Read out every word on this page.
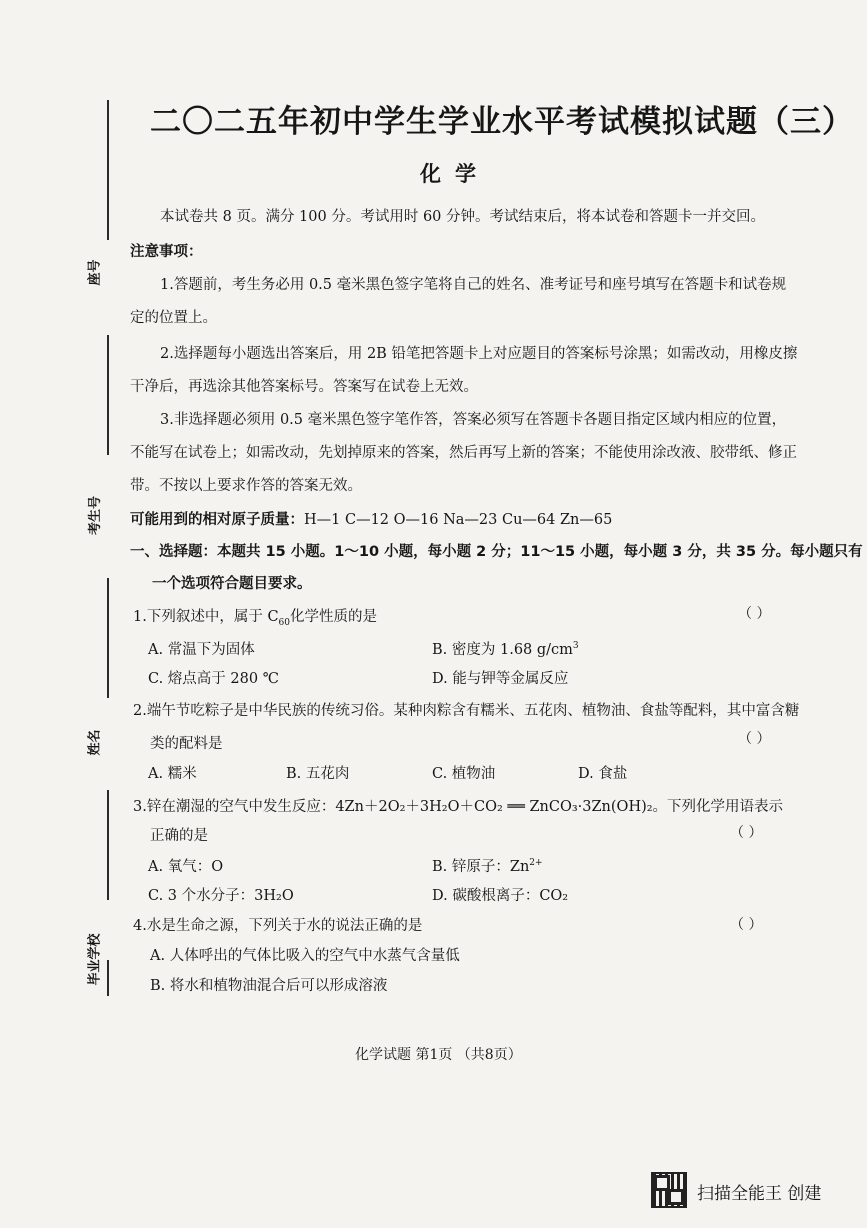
座号
考生号
姓名
毕业学校
二〇二五年初中学生学业水平考试模拟试题（三）
化学
本试卷共 8 页。满分 100 分。考试用时 60 分钟。考试结束后，将本试卷和答题卡一并交回。
注意事项：
1.答题前，考生务必用 0.5 毫米黑色签字笔将自己的姓名、准考证号和座号填写在答题卡和试卷规
定的位置上。
2.选择题每小题选出答案后，用 2B 铅笔把答题卡上对应题目的答案标号涂黑；如需改动，用橡皮擦
干净后，再选涂其他答案标号。答案写在试卷上无效。
3.非选择题必须用 0.5 毫米黑色签字笔作答，答案必须写在答题卡各题目指定区域内相应的位置，
不能写在试卷上；如需改动，先划掉原来的答案，然后再写上新的答案；不能使用涂改液、胶带纸、修正
带。不按以上要求作答的答案无效。
可能用到的相对原子质量：H—1 C—12 O—16 Na—23 Cu—64 Zn—65
一、选择题：本题共 15 小题。1～10 小题，每小题 2 分；11～15 小题，每小题 3 分，共 35 分。每小题只有
一个选项符合题目要求。
1.下列叙述中，属于 $C_{60}$化学性质的是	（ ）
A. 常温下为固体	B. 密度为 1.68 $g/cm^3$
C. 熔点高于 280 ℃	D. 能与钾等金属反应
2.端午节吃粽子是中华民族的传统习俗。某种肉粽含有糯米、五花肉、植物油、食盐等配料，其中富含糖
类的配料是	（ ）
A. 糯米	B. 五花肉	C. 植物油	D. 食盐
3.锌在潮湿的空气中发生反应：4Zn＋2O₂＋3H₂O＋CO₂ ══ ZnCO₃·3Zn(OH)₂。下列化学用语表示
正确的是	（ ）
A. 氧气：O	B. 锌原子：$Zn^{2+}$
C. 3 个水分子：3H₂O	D. 碳酸根离子：CO₂
4.水是生命之源，下列关于水的说法正确的是	（ ）
A. 人体呼出的气体比吸入的空气中水蒸气含量低
B. 将水和植物油混合后可以形成溶液
化学试题 第1页 （共8页）
扫描全能王 创建
